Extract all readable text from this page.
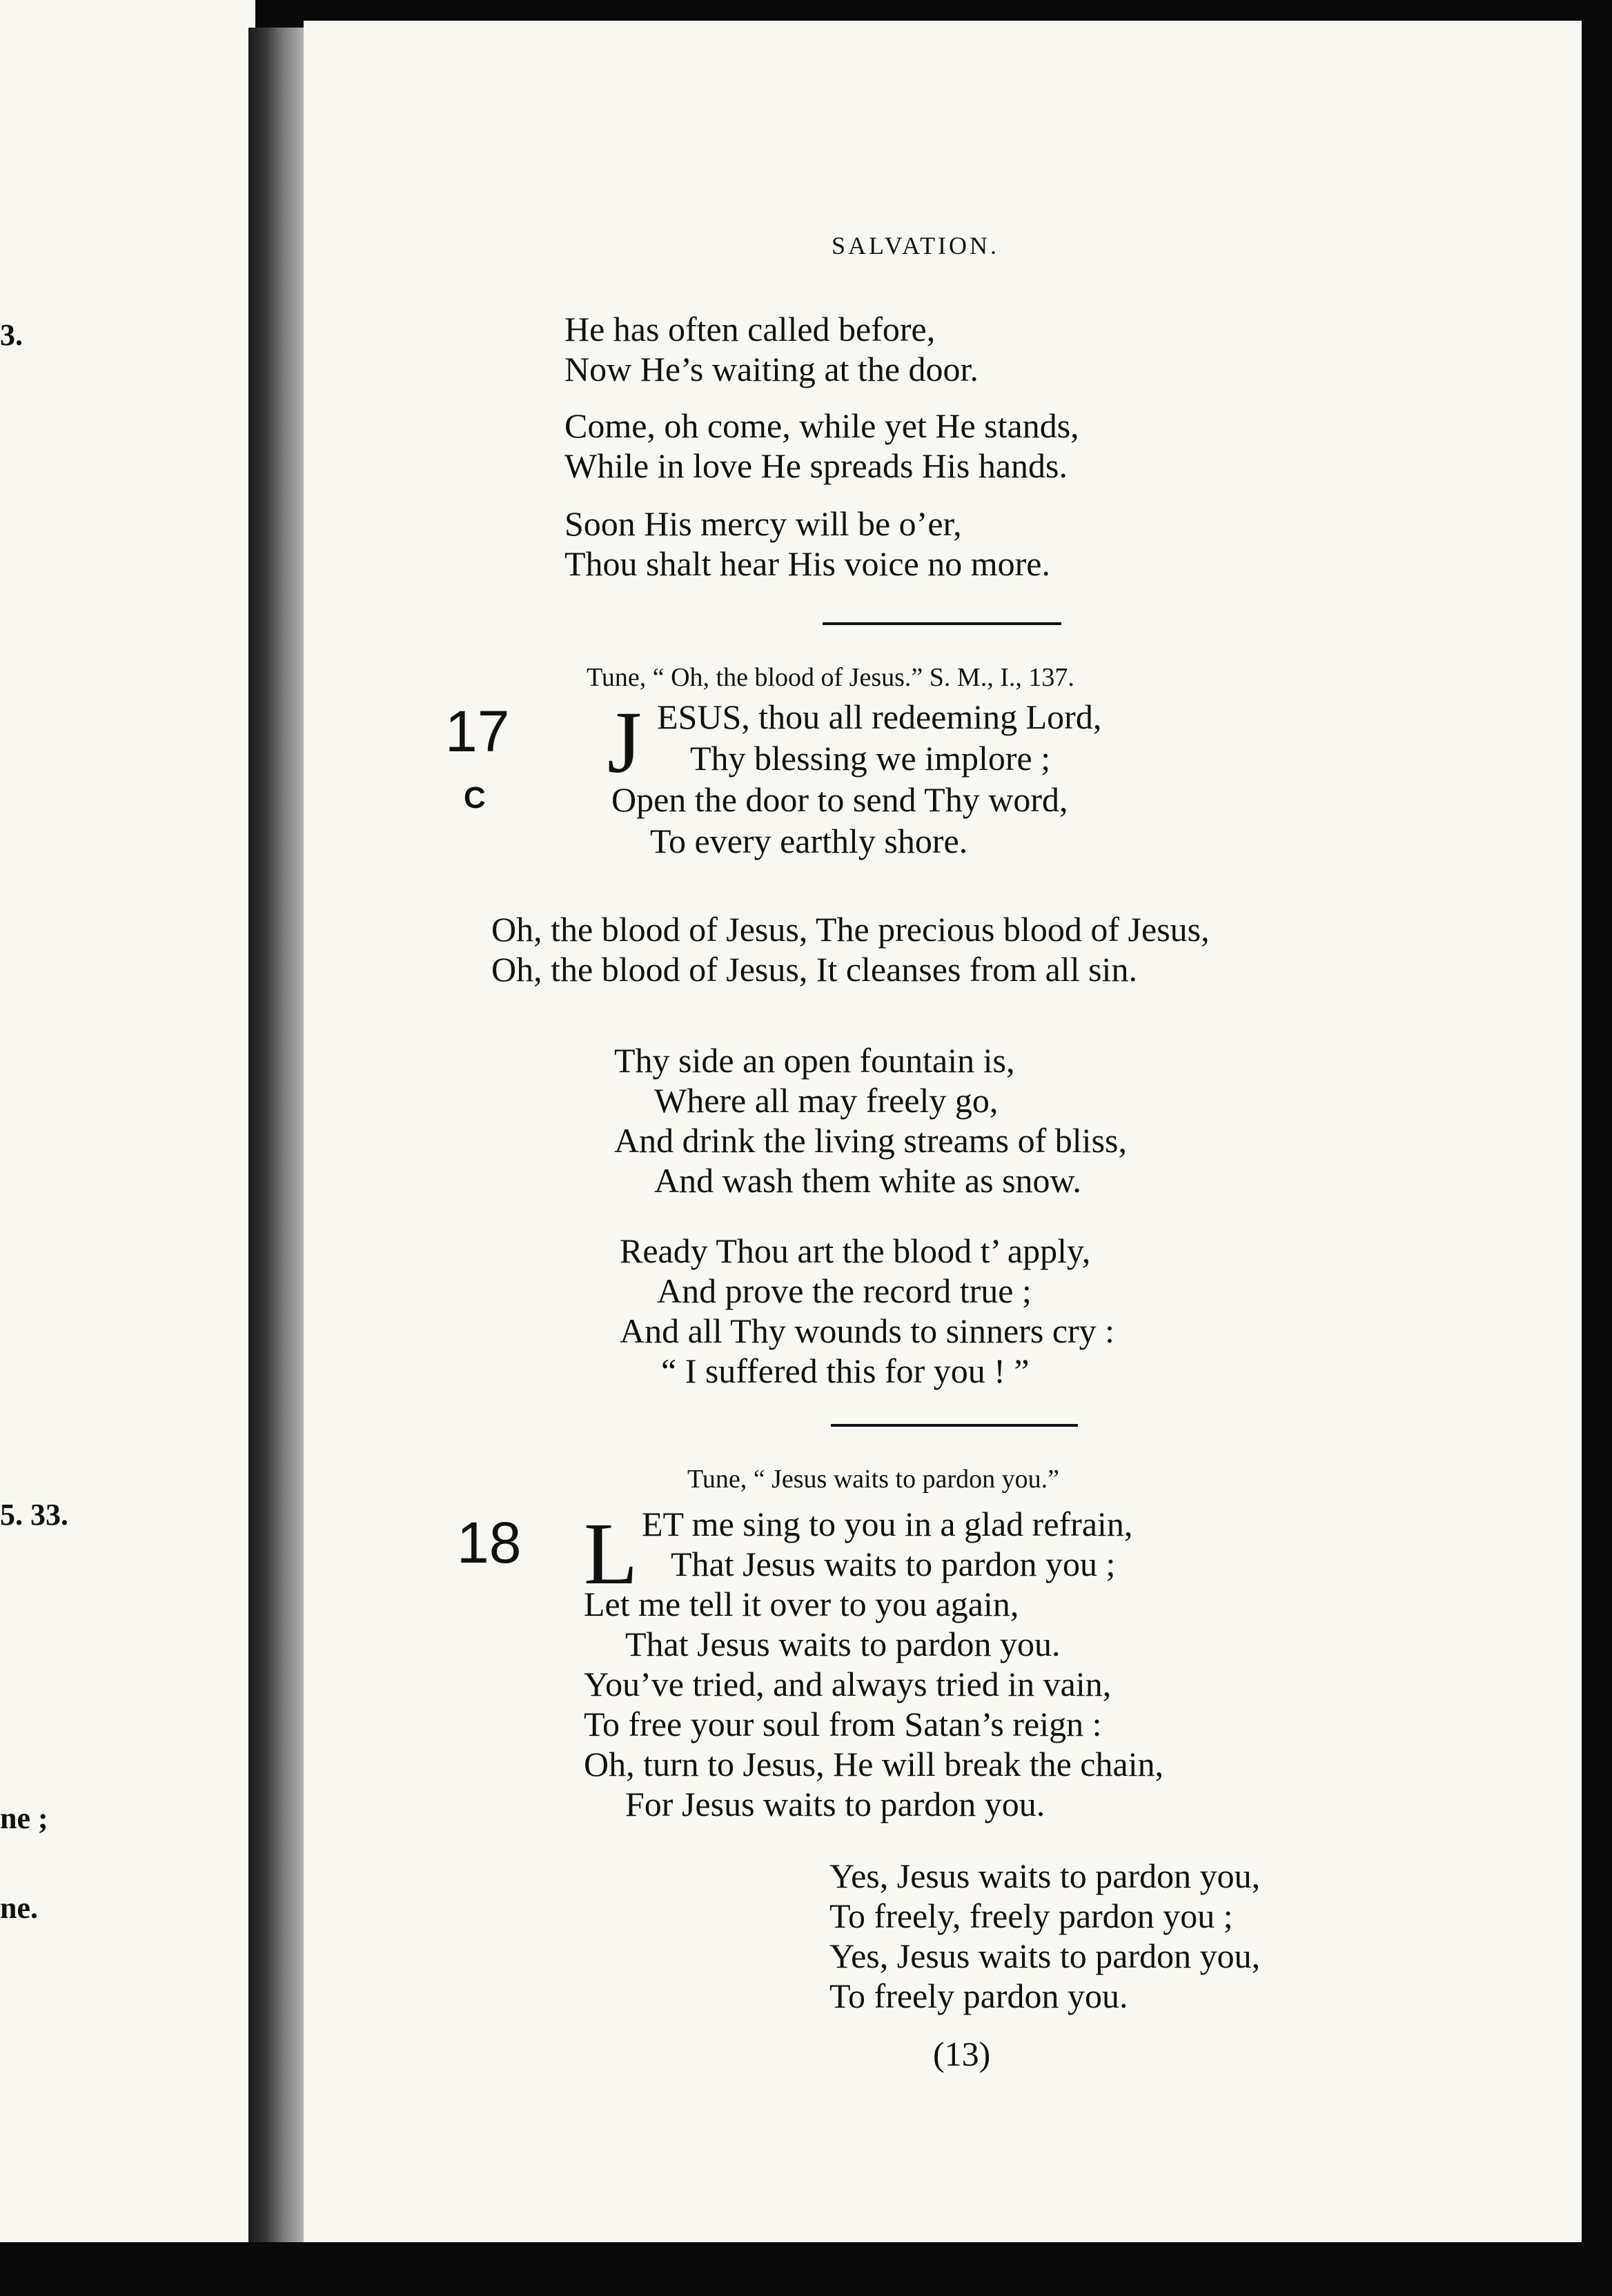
3.
5. 33.
ne ;
ne.
SALVATION.
He has often called before,
Now He’s waiting at the door.
Come, oh come, while yet He stands,
While in love He spreads His hands.
Soon His mercy will be o’er,
Thou shalt hear His voice no more.
Tune, “ Oh, the blood of Jesus.” S. M., I., 137.
17
C
J ESUS, thou all redeeming Lord,
Thy blessing we implore ;
Open the door to send Thy word,
To every earthly shore.
Oh, the blood of Jesus, The precious blood of Jesus,
Oh, the blood of Jesus, It cleanses from all sin.
Thy side an open fountain is,
Where all may freely go,
And drink the living streams of bliss,
And wash them white as snow.
Ready Thou art the blood t’ apply,
And prove the record true ;
And all Thy wounds to sinners cry :
“ I suffered this for you ! ”
Tune, “ Jesus waits to pardon you.”
18 L ET me sing to you in a glad refrain,
That Jesus waits to pardon you ;
Let me tell it over to you again,
That Jesus waits to pardon you.
You’ve tried, and always tried in vain,
To free your soul from Satan’s reign :
Oh, turn to Jesus, He will break the chain,
For Jesus waits to pardon you.
Yes, Jesus waits to pardon you,
To freely, freely pardon you ;
Yes, Jesus waits to pardon you,
To freely pardon you.
(13)
